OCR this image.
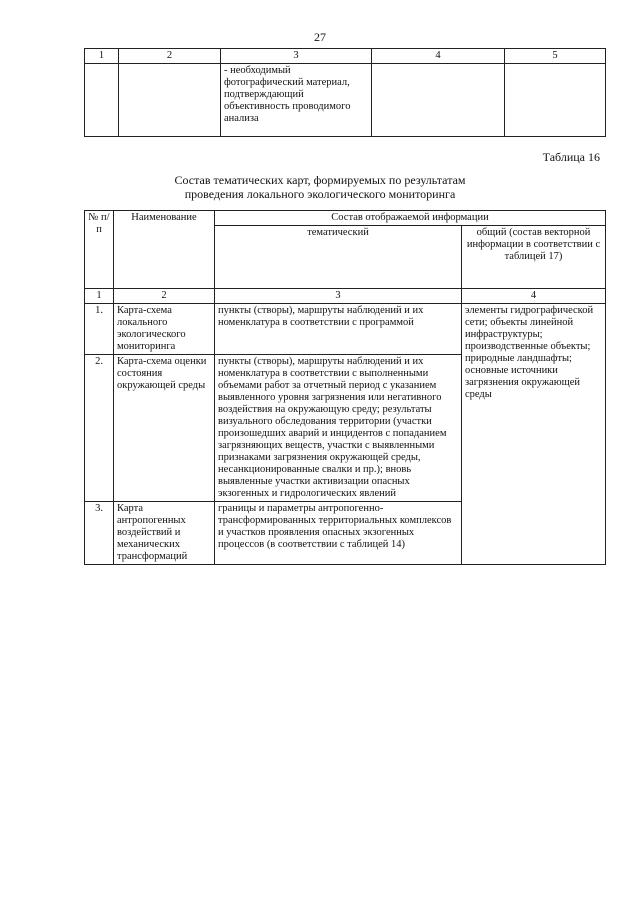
27
1	2	3	4	5
		- необходимый фотографический материал, подтверждающий объективность проводимого анализа		
Таблица 16
Состав тематических карт, формируемых по результатам
проведения локального экологического мониторинга
№ п/п	Наименование	Состав отображаемой информации	
		тематический	общий (состав векторной информации в соответствии с таблицей 17)
1	2	3	4
1.	Карта-схема локального экологического мониторинга	пункты (створы), маршруты наблюдений и их номенклатура в соответствии с программой	элементы гидрографической сети; объекты линейной инфраструктуры; производственные объекты; природные ландшафты; основные источники загрязнения окружающей среды
2.	Карта-схема оценки состояния окружающей среды	пункты (створы), маршруты наблюдений и их номенклатура в соответствии с выполненными объемами работ за отчетный период с указанием выявленного уровня загрязнения или негативного воздействия на окружающую среду; результаты визуального обследования территории (участки произошедших аварий и инцидентов с попаданием загрязняющих веществ, участки с выявленными признаками загрязнения окружающей среды, несанкционированные свалки и пр.); вновь выявленные участки активизации опасных экзогенных и гидрологических явлений	
3.	Карта антропогенных воздействий и механических трансформаций	границы и параметры антропогенно-трансформированных территориальных комплексов и участков проявления опасных экзогенных процессов (в соответствии с таблицей 14)	
